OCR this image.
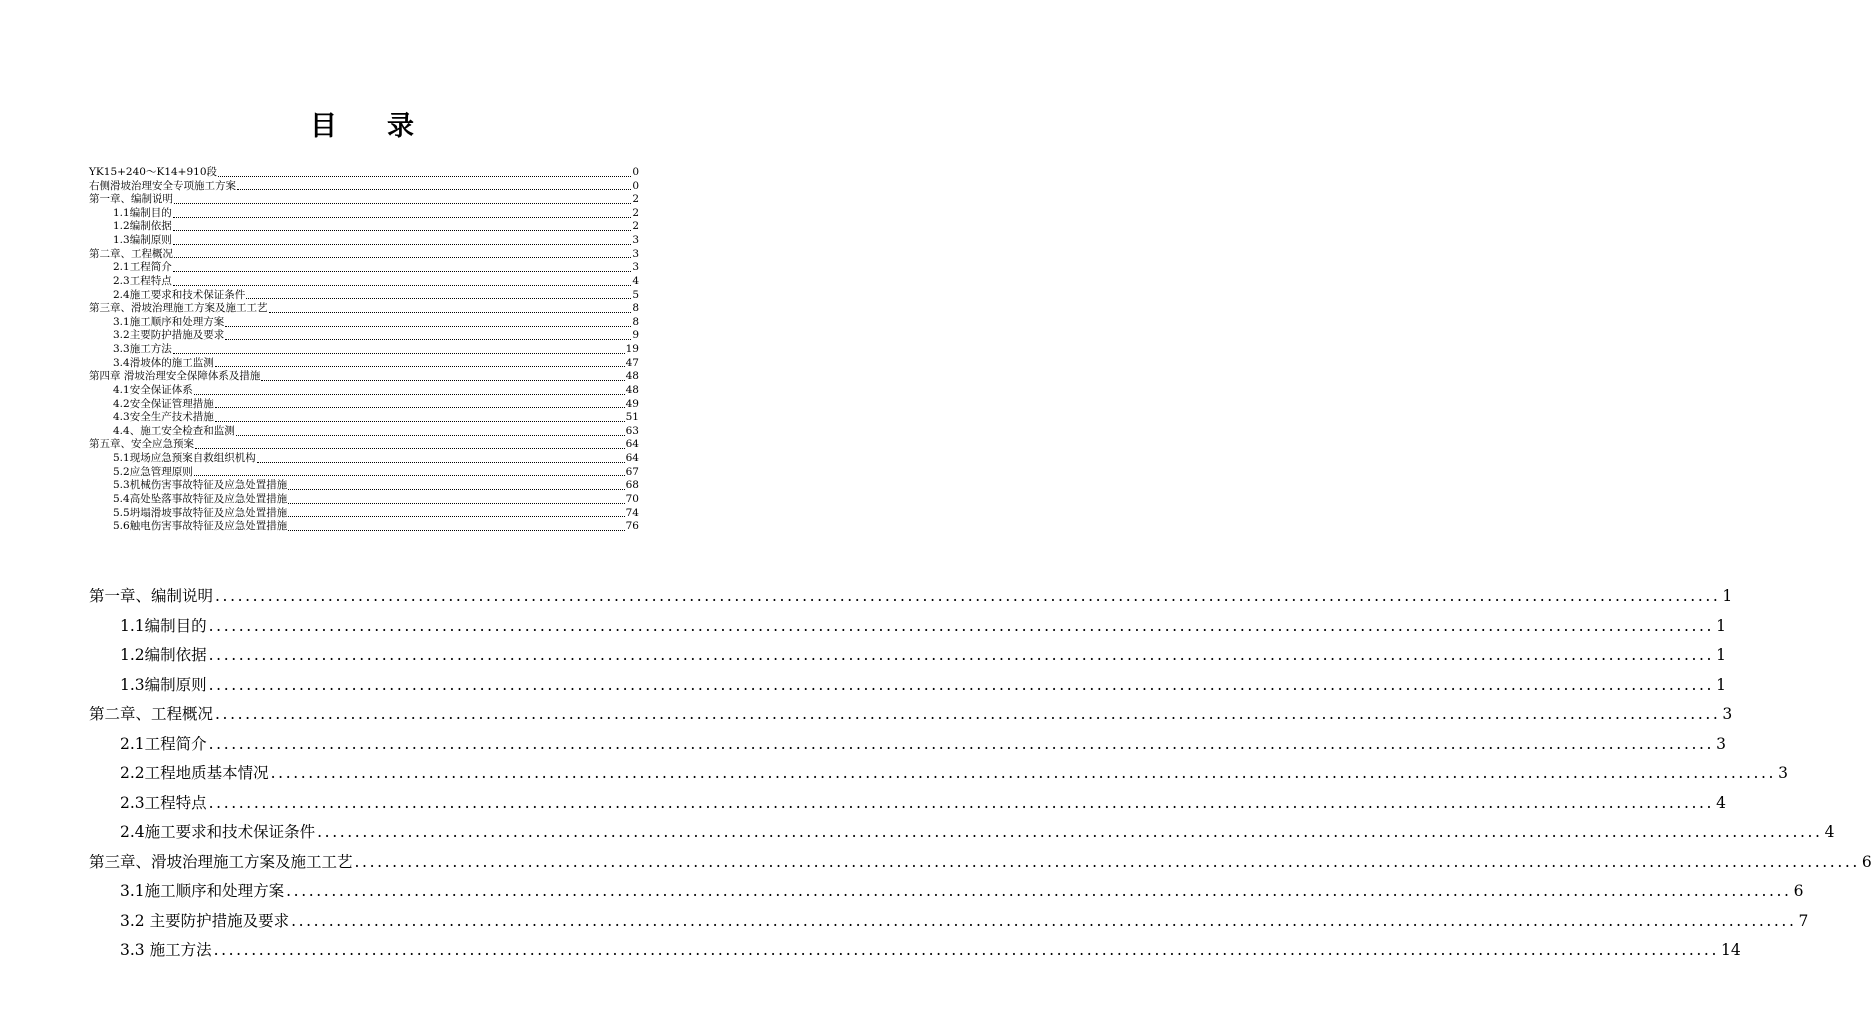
目 录
YK15+240～K14+910段	0
右侧滑坡治理安全专项施工方案	0
第一章、编制说明	2
1.1编制目的	2
1.2编制依据	2
1.3编制原则	3
第二章、工程概况	3
2.1工程简介	3
2.3工程特点	4
2.4施工要求和技术保证条件	5
第三章、滑坡治理施工方案及施工工艺	8
3.1施工顺序和处理方案	8
3.2主要防护措施及要求	9
3.3施工方法	19
3.4滑坡体的施工监测	47
第四章 滑坡治理安全保障体系及措施	48
4.1安全保证体系	48
4.2安全保证管理措施	49
4.3安全生产技术措施	51
4.4、施工安全检查和监测	63
第五章、安全应急预案	64
5.1现场应急预案自救组织机构	64
5.2应急管理原则	67
5.3机械伤害事故特征及应急处置措施	68
5.4高处坠落事故特征及应急处置措施	70
5.5坍塌滑坡事故特征及应急处置措施	74
5.6触电伤害事故特征及应急处置措施	76
第一章、编制说明 ........................................................................................................................................................................................................ 1
1.1编制目的 ........................................................................................................................................................................................................ 1
1.2编制依据 ........................................................................................................................................................................................................ 1
1.3编制原则 ........................................................................................................................................................................................................ 1
第二章、工程概况 ........................................................................................................................................................................................................ 3
2.1工程简介 ........................................................................................................................................................................................................ 3
2.2工程地质基本情况 ........................................................................................................................................................................................................ 3
2.3工程特点 ........................................................................................................................................................................................................ 4
2.4施工要求和技术保证条件 ........................................................................................................................................................................................................ 4
第三章、滑坡治理施工方案及施工工艺 ........................................................................................................................................................................................................ 6
3.1施工顺序和处理方案 ........................................................................................................................................................................................................ 6
3.2 主要防护措施及要求 ........................................................................................................................................................................................................ 7
3.3 施工方法 ........................................................................................................................................................................................................ 14
